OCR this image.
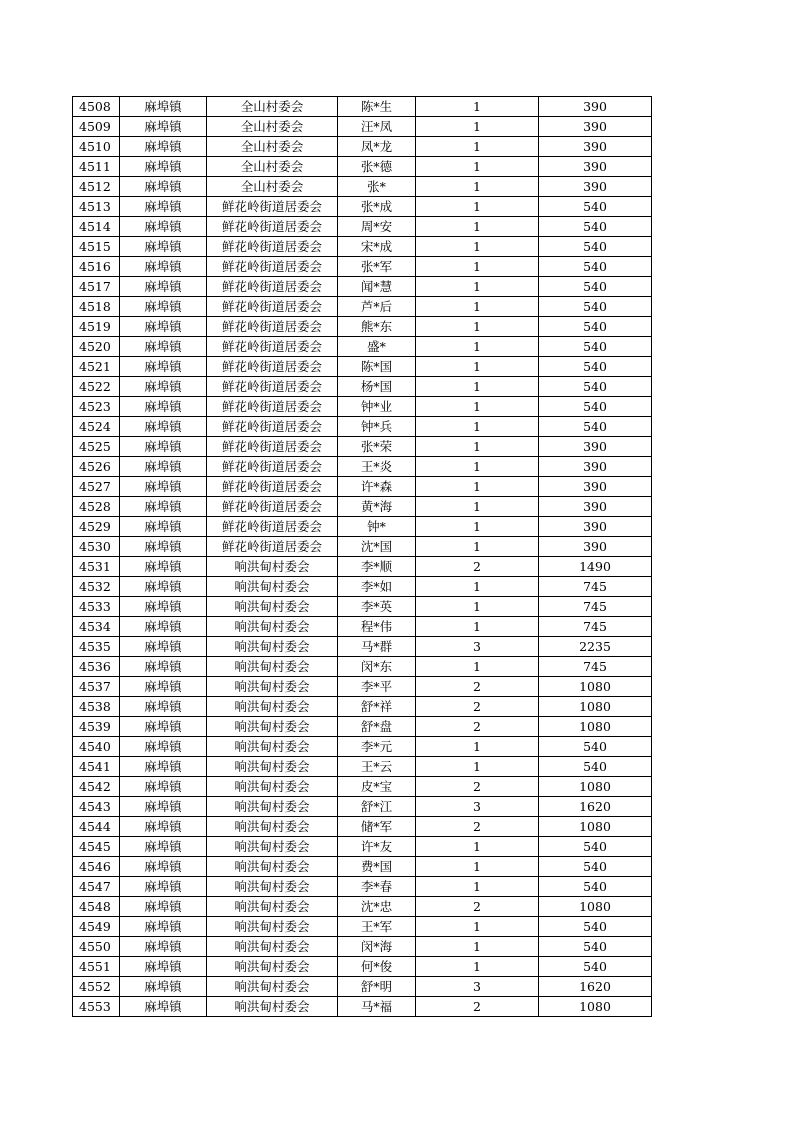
4508	麻埠镇	全山村委会	陈*生	1	390
4509	麻埠镇	全山村委会	汪*凤	1	390
4510	麻埠镇	全山村委会	凤*龙	1	390
4511	麻埠镇	全山村委会	张*德	1	390
4512	麻埠镇	全山村委会	张*	1	390
4513	麻埠镇	鲜花岭街道居委会	张*成	1	540
4514	麻埠镇	鲜花岭街道居委会	周*安	1	540
4515	麻埠镇	鲜花岭街道居委会	宋*成	1	540
4516	麻埠镇	鲜花岭街道居委会	张*军	1	540
4517	麻埠镇	鲜花岭街道居委会	闻*慧	1	540
4518	麻埠镇	鲜花岭街道居委会	芦*后	1	540
4519	麻埠镇	鲜花岭街道居委会	熊*东	1	540
4520	麻埠镇	鲜花岭街道居委会	盛*	1	540
4521	麻埠镇	鲜花岭街道居委会	陈*国	1	540
4522	麻埠镇	鲜花岭街道居委会	杨*国	1	540
4523	麻埠镇	鲜花岭街道居委会	钟*业	1	540
4524	麻埠镇	鲜花岭街道居委会	钟*兵	1	540
4525	麻埠镇	鲜花岭街道居委会	张*荣	1	390
4526	麻埠镇	鲜花岭街道居委会	王*炎	1	390
4527	麻埠镇	鲜花岭街道居委会	许*森	1	390
4528	麻埠镇	鲜花岭街道居委会	黄*海	1	390
4529	麻埠镇	鲜花岭街道居委会	钟*	1	390
4530	麻埠镇	鲜花岭街道居委会	沈*国	1	390
4531	麻埠镇	响洪甸村委会	李*顺	2	1490
4532	麻埠镇	响洪甸村委会	李*如	1	745
4533	麻埠镇	响洪甸村委会	李*英	1	745
4534	麻埠镇	响洪甸村委会	程*伟	1	745
4535	麻埠镇	响洪甸村委会	马*群	3	2235
4536	麻埠镇	响洪甸村委会	闵*东	1	745
4537	麻埠镇	响洪甸村委会	李*平	2	1080
4538	麻埠镇	响洪甸村委会	舒*祥	2	1080
4539	麻埠镇	响洪甸村委会	舒*盘	2	1080
4540	麻埠镇	响洪甸村委会	李*元	1	540
4541	麻埠镇	响洪甸村委会	王*云	1	540
4542	麻埠镇	响洪甸村委会	皮*宝	2	1080
4543	麻埠镇	响洪甸村委会	舒*江	3	1620
4544	麻埠镇	响洪甸村委会	储*军	2	1080
4545	麻埠镇	响洪甸村委会	许*友	1	540
4546	麻埠镇	响洪甸村委会	费*国	1	540
4547	麻埠镇	响洪甸村委会	李*春	1	540
4548	麻埠镇	响洪甸村委会	沈*忠	2	1080
4549	麻埠镇	响洪甸村委会	王*军	1	540
4550	麻埠镇	响洪甸村委会	闵*海	1	540
4551	麻埠镇	响洪甸村委会	何*俊	1	540
4552	麻埠镇	响洪甸村委会	舒*明	3	1620
4553	麻埠镇	响洪甸村委会	马*福	2	1080
